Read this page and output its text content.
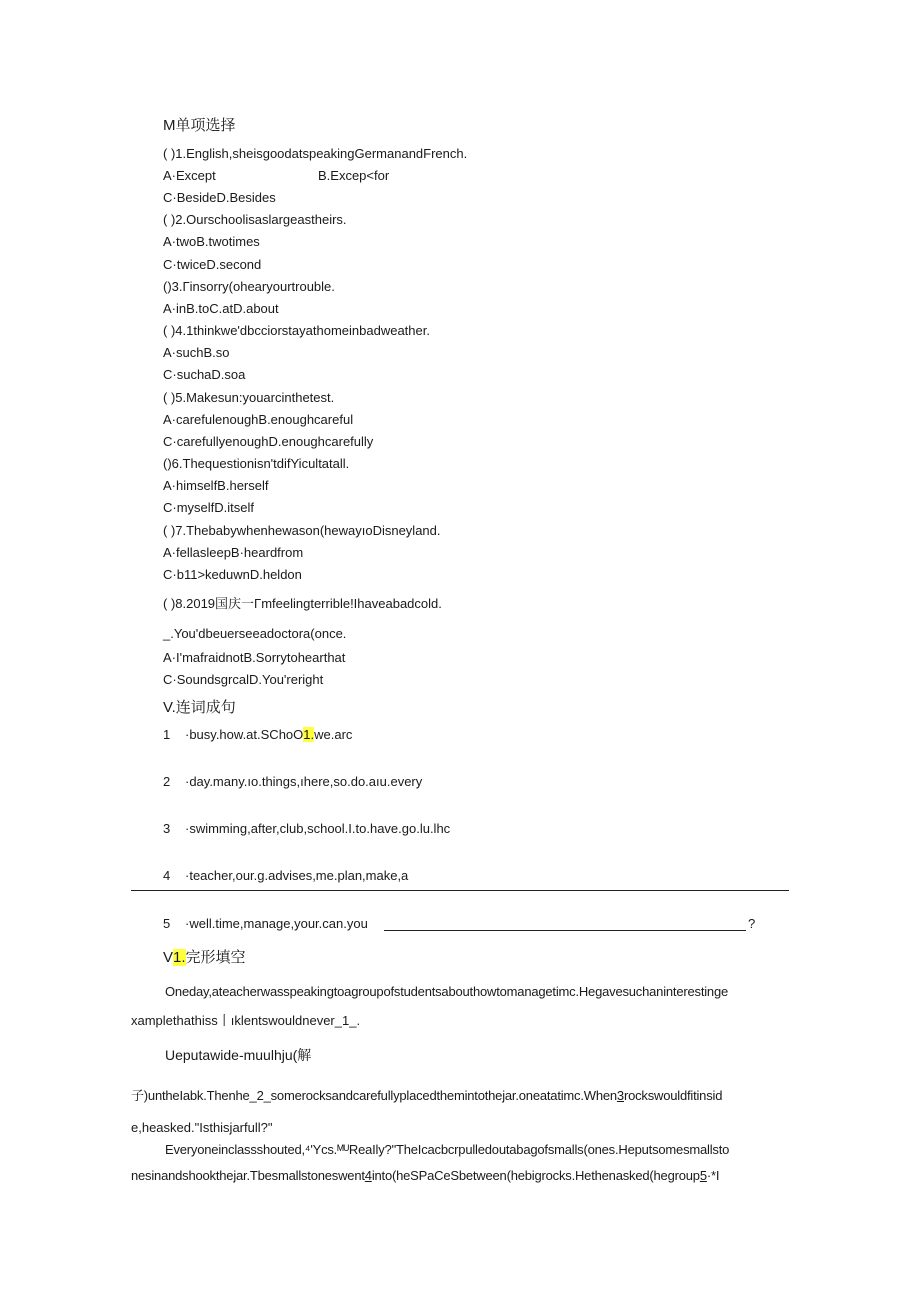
M单项选择
( )1.English,sheisgoodatspeakingGermanandFrench.
A·Except	B.Excep<for
C·BesideD.Besides
( )2.Ourschoolisaslargeastheirs.
A·twoB.twotimes
C·twiceD.second
()3.Γinsorry(ohearyourtrouble.
A·inB.toC.atD.about
( )4.1thinkwe'dbcciorstayathomeinbadweather.
A·suchB.so
C·suchaD.soa
( )5.Makesun:youarcinthetest.
A·carefulenoughB.enoughcareful
C·carefullyenoughD.enoughcarefully
()6.Thequestionisn'tdifYicultatall.
A·himselfB.herself
C·myselfD.itself
( )7.Thebabywhenhewason(hewayıoDisneyland.
A·fellasleepB·heardfrom
C·b11>keduwnD.heldon
( )8.2019国庆一Γmfeelingterrible!Ihaveabadcold.
_.You'dbeuerseeadoctora(once.
A·I'mafraidnotB.Sorrytohearthat
C·SoundsgrcalD.You'reright
V.连词成句
1 ·busy.how.at.SChoO1.we.arc
2 ·day.many.ıo.things,ıhere,so.do.aıu.every
3 ·swimming,after,club,school.I.to.have.go.lu.lhc
4 ·teacher,our.g.advises,me.plan,make,a
5 ·well.time,manage,your.can.you	?
V1.完形填空
Oneday,ateacherwasspeakingtoagroupofstudentsabouthowtomanagetimc.Hegavesuchaninterestinge
xamplethathiss丨ıklentswouldnever_1_.
Ueputawide-muulhju(解
子)untheIabk.Thenhe_2_somerocksandcarefullyplacedthemintothejar.oneatatimc.When3rockswouldfitinsid
e,heasked."Isthisjarfull?"
Everyoneinclassshouted,⁴'Ycs.ᴹᵁReaIly?"TheIcacbcrpulledoutabagofsmalls(ones.Heputsomesmallsto
nesinandshookthejar.Tbesmallstoneswent4into(heSPaCeSbetween(hebigrocks.Hethenasked(hegroup5·*I
